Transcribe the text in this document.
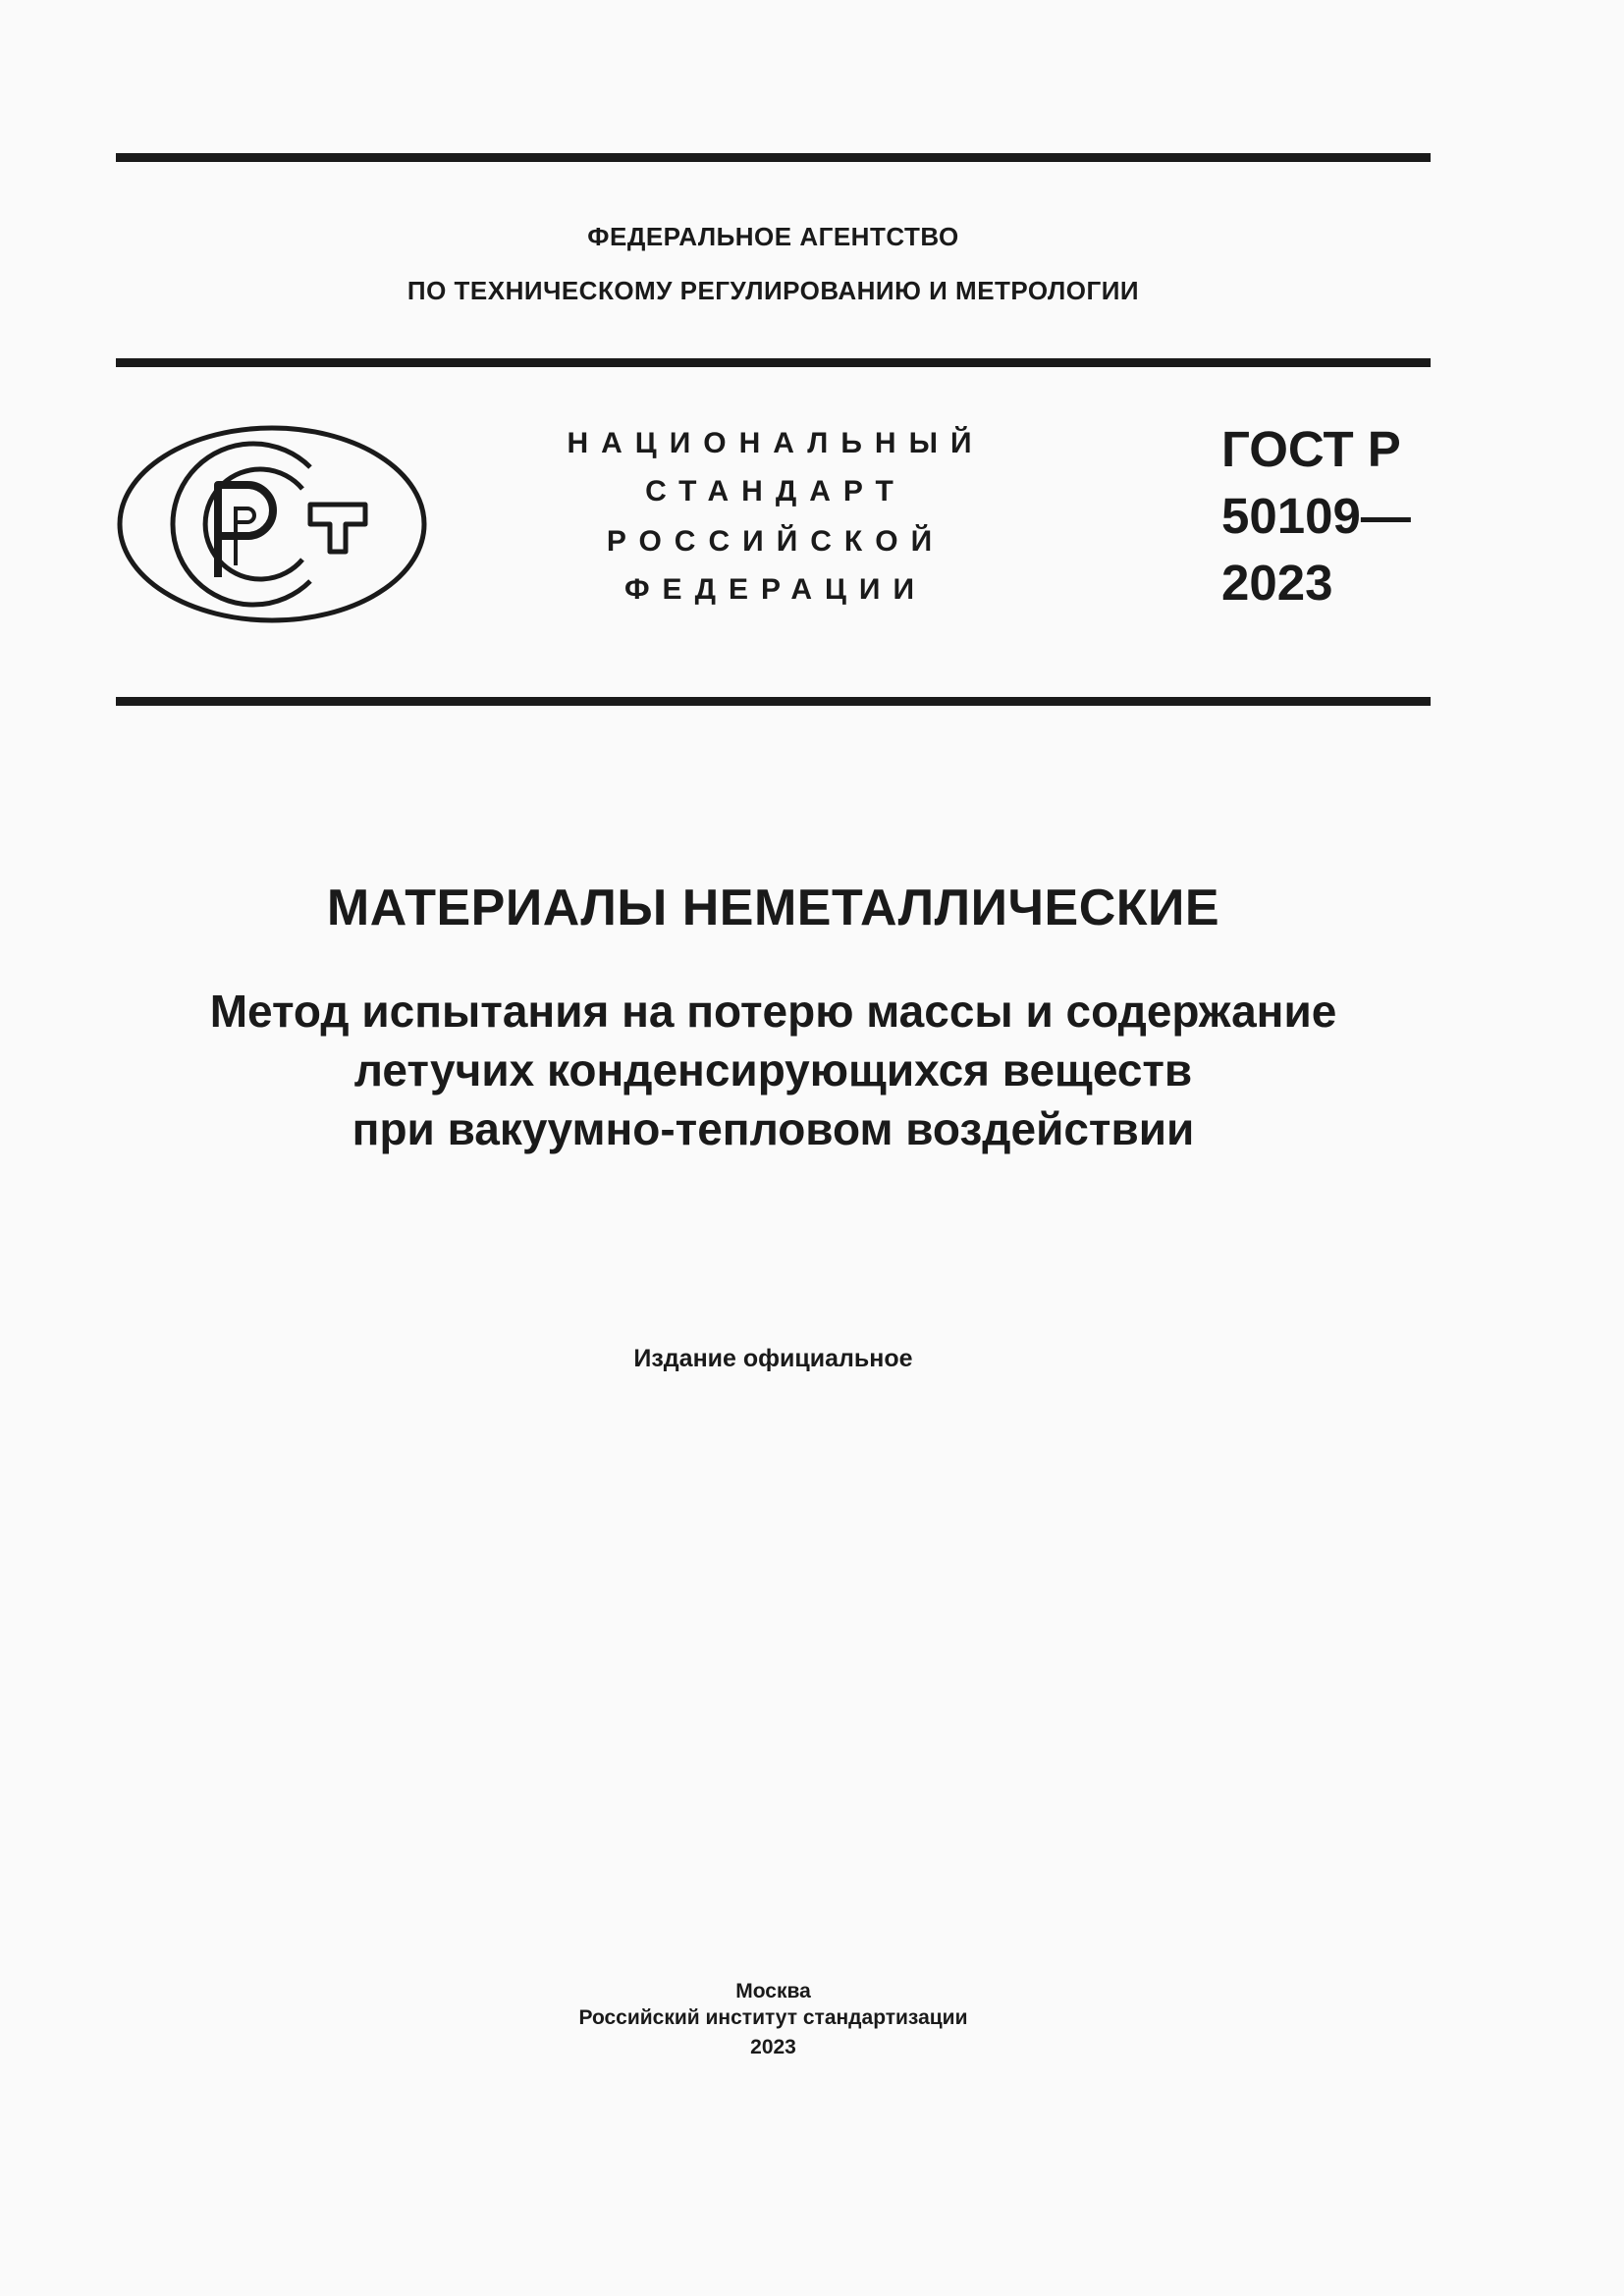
ФЕДЕРАЛЬНОЕ АГЕНТСТВО
ПО ТЕХНИЧЕСКОМУ РЕГУЛИРОВАНИЮ И МЕТРОЛОГИИ
НАЦИОНАЛЬНЫЙ
СТАНДАРТ
РОССИЙСКОЙ
ФЕДЕРАЦИИ
ГОСТ Р
50109—
2023
МАТЕРИАЛЫ НЕМЕТАЛЛИЧЕСКИЕ
Метод испытания на потерю массы и содержание
летучих конденсирующихся веществ
при вакуумно-тепловом воздействии
Издание официальное
Москва
Российский институт стандартизации
2023
